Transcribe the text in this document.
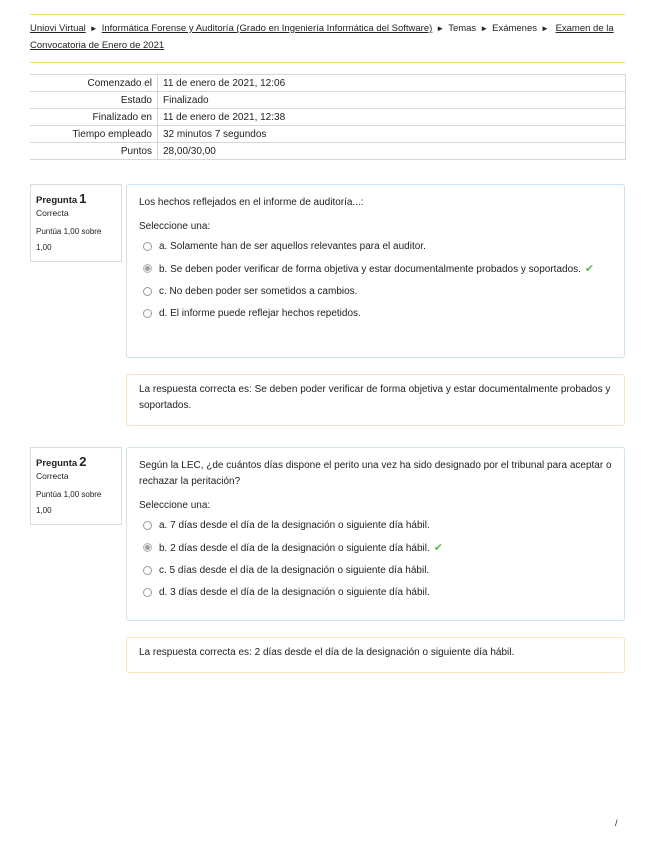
Uniovi Virtual ► Informática Forense y Auditoría (Grado en Ingeniería Informática del Software) ► Temas ► Exámenes ► Examen de la Convocatoria de Enero de 2021
Comenzado el	11 de enero de 2021, 12:06
Estado	Finalizado
Finalizado en	11 de enero de 2021, 12:38
Tiempo empleado	32 minutos 7 segundos
Puntos	28,00/30,00
Pregunta 1
Correcta
Puntúa 1,00 sobre 1,00
Los hechos reflejados en el informe de auditoría...:
Seleccione una:
a. Solamente han de ser aquellos relevantes para el auditor.
b. Se deben poder verificar de forma objetiva y estar documentalmente probados y soportados. ✔
c. No deben poder ser sometidos a cambios.
d. El informe puede reflejar hechos repetidos.
La respuesta correcta es: Se deben poder verificar de forma objetiva y estar documentalmente probados y soportados.
Pregunta 2
Correcta
Puntúa 1,00 sobre 1,00
Según la LEC, ¿de cuántos días dispone el perito una vez ha sido designado por el tribunal para aceptar o rechazar la peritación?
Seleccione una:
a. 7 días desde el día de la designación o siguiente día hábil.
b. 2 días desde el día de la designación o siguiente día hábil. ✔
c. 5 días desde el día de la designación o siguiente día hábil.
d. 3 días desde el día de la designación o siguiente día hábil.
La respuesta correcta es: 2 días desde el día de la designación o siguiente día hábil.
/
